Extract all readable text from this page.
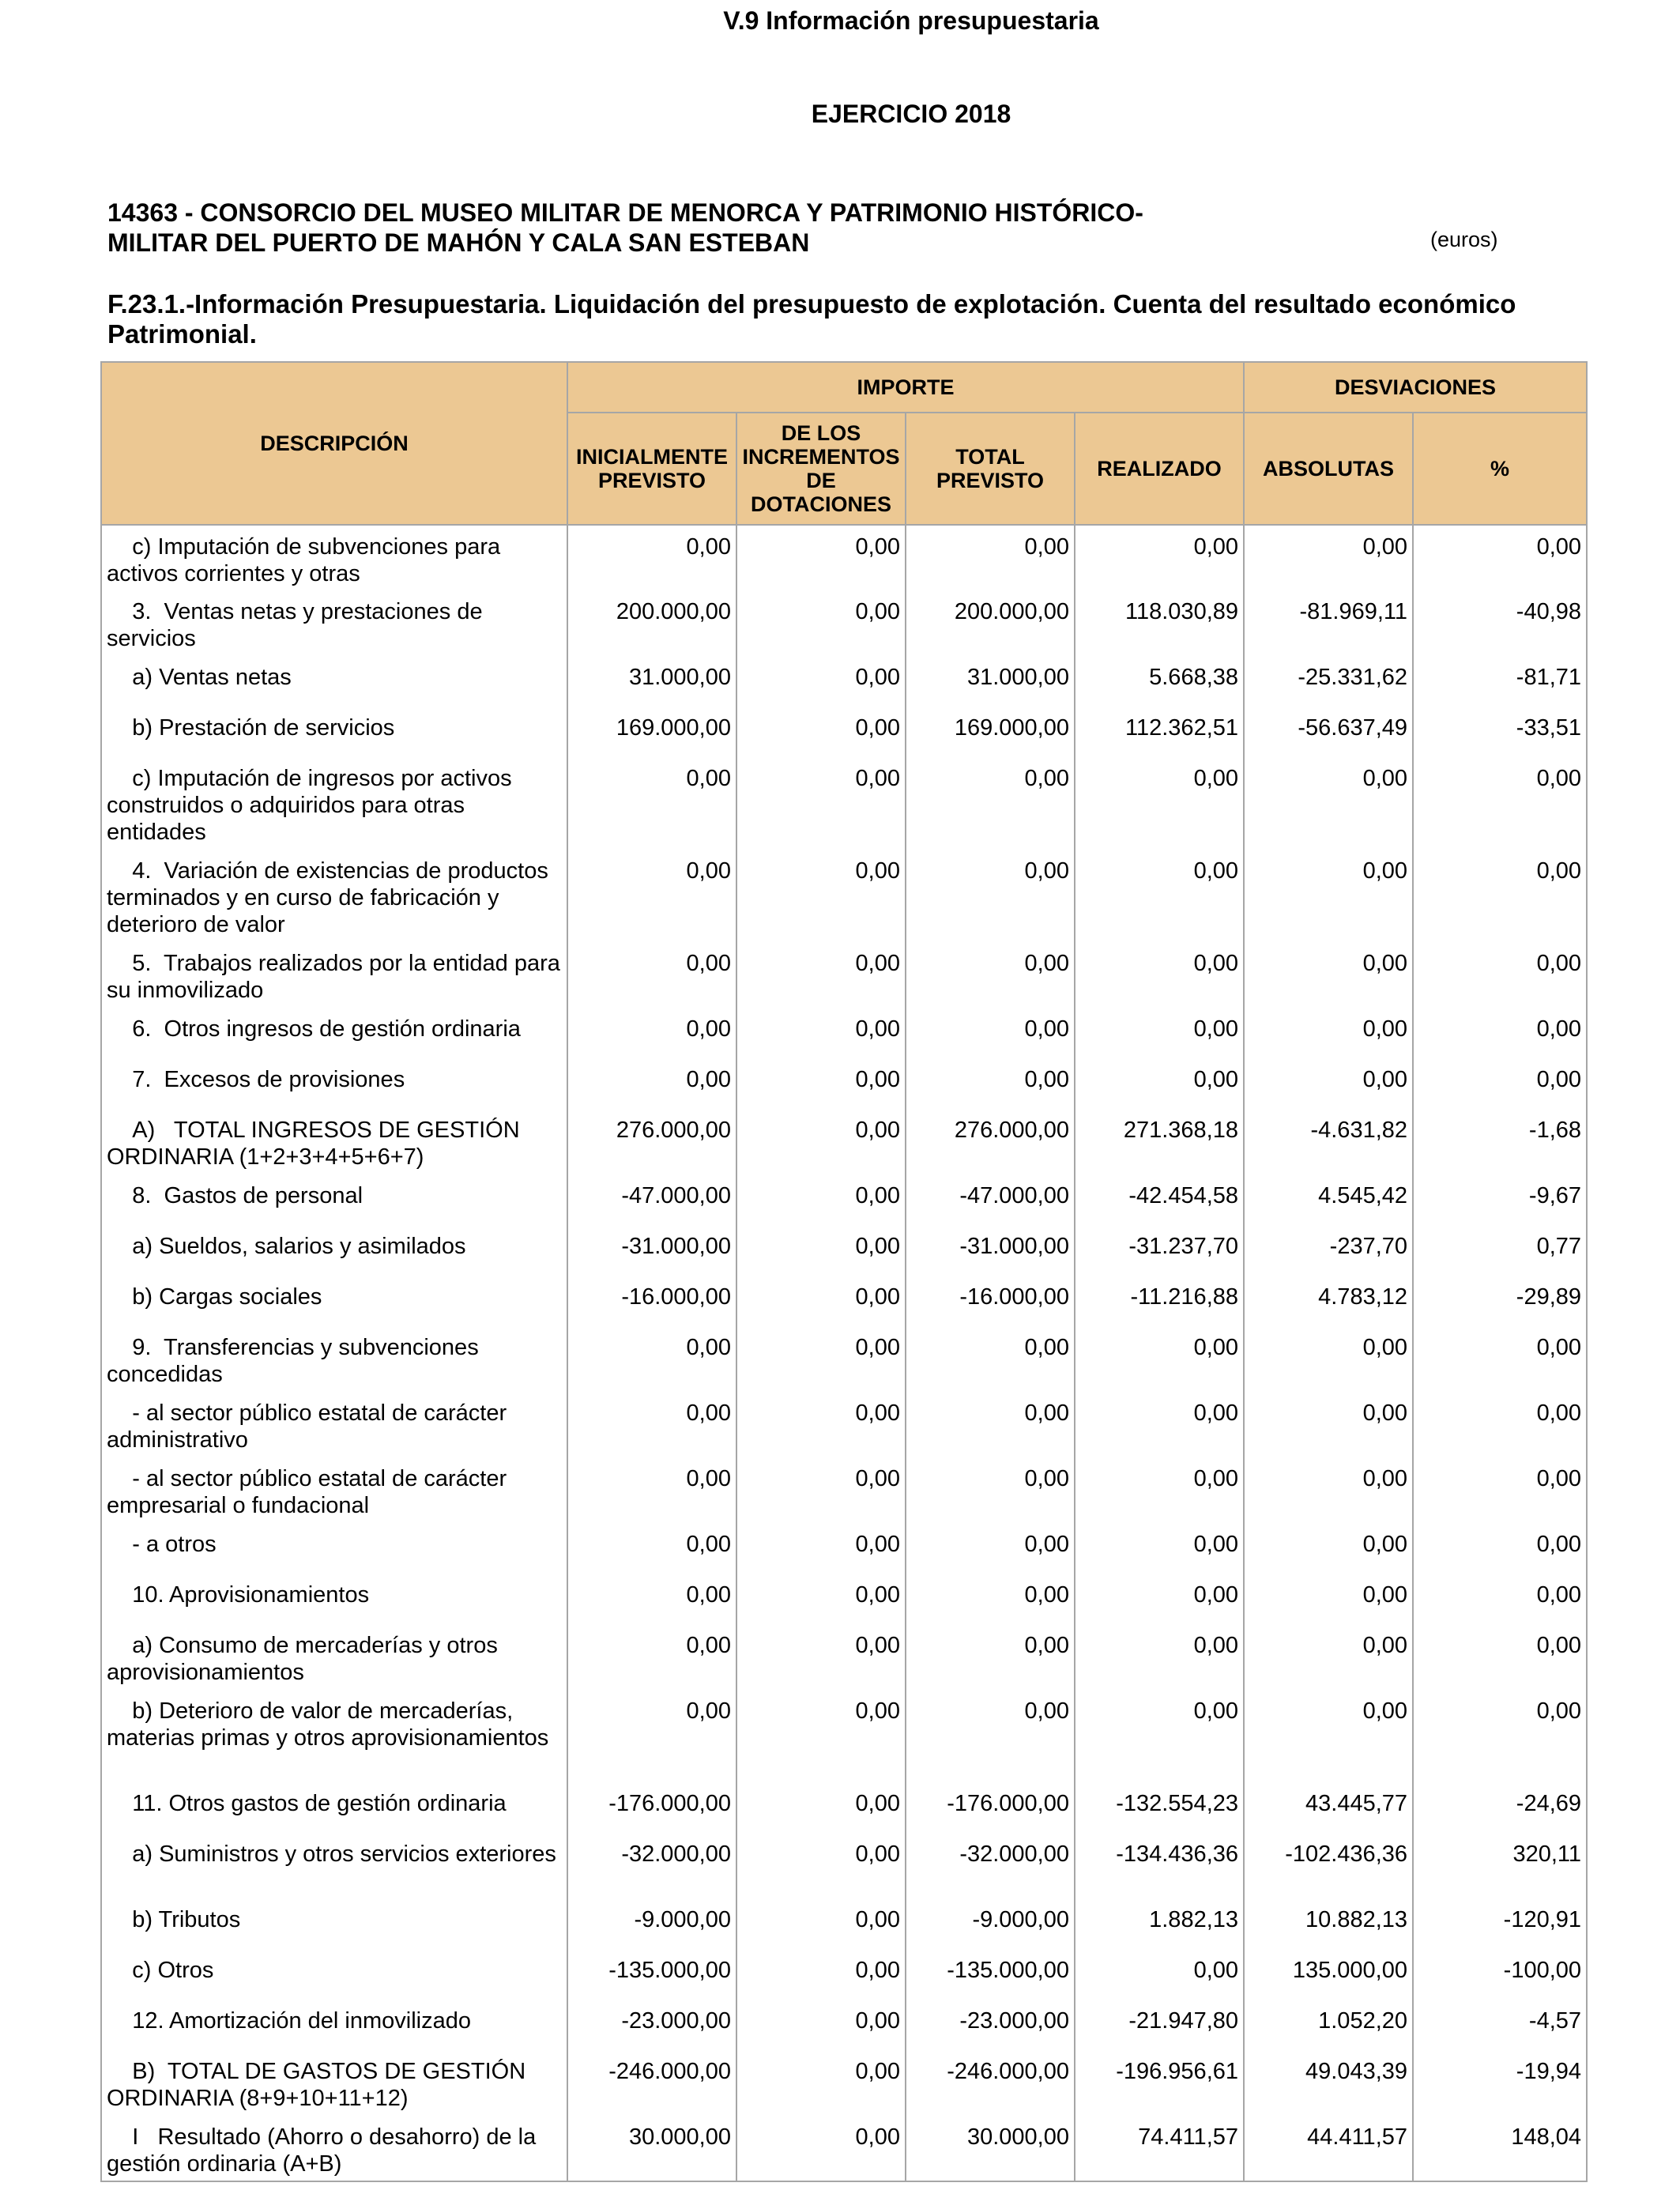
V.9 Información presupuestaria
EJERCICIO 2018
14363 - CONSORCIO DEL MUSEO MILITAR DE MENORCA Y PATRIMONIO HISTÓRICO-
MILITAR DEL PUERTO DE MAHÓN Y CALA SAN ESTEBAN	(euros)
F.23.1.-Información Presupuestaria. Liquidación del presupuesto de explotación. Cuenta del resultado económico Patrimonial.
DESCRIPCIÓN	IMPORTE				DESVIACIONES	
	INICIALMENTE PREVISTO	DE LOS INCREMENTOS DE DOTACIONES	TOTAL PREVISTO	REALIZADO	ABSOLUTAS	%
c) Imputación de subvenciones para activos corrientes y otras	0,00	0,00	0,00	0,00	0,00	0,00
3.  Ventas netas y prestaciones de servicios	200.000,00	0,00	200.000,00	118.030,89	-81.969,11	-40,98
a) Ventas netas	31.000,00	0,00	31.000,00	5.668,38	-25.331,62	-81,71
b) Prestación de servicios	169.000,00	0,00	169.000,00	112.362,51	-56.637,49	-33,51
c) Imputación de ingresos por activos construidos o adquiridos para otras entidades	0,00	0,00	0,00	0,00	0,00	0,00
4.  Variación de existencias de productos terminados y en curso de fabricación y deterioro de valor	0,00	0,00	0,00	0,00	0,00	0,00
5.  Trabajos realizados por la entidad para su inmovilizado	0,00	0,00	0,00	0,00	0,00	0,00
6.  Otros ingresos de gestión ordinaria	0,00	0,00	0,00	0,00	0,00	0,00
7.  Excesos de provisiones	0,00	0,00	0,00	0,00	0,00	0,00
A)   TOTAL INGRESOS DE GESTIÓN ORDINARIA (1+2+3+4+5+6+7)	276.000,00	0,00	276.000,00	271.368,18	-4.631,82	-1,68
8.  Gastos de personal	-47.000,00	0,00	-47.000,00	-42.454,58	4.545,42	-9,67
a) Sueldos, salarios y asimilados	-31.000,00	0,00	-31.000,00	-31.237,70	-237,70	0,77
b) Cargas sociales	-16.000,00	0,00	-16.000,00	-11.216,88	4.783,12	-29,89
9.  Transferencias y subvenciones concedidas	0,00	0,00	0,00	0,00	0,00	0,00
- al sector público estatal de carácter administrativo	0,00	0,00	0,00	0,00	0,00	0,00
- al sector público estatal de carácter empresarial o fundacional	0,00	0,00	0,00	0,00	0,00	0,00
- a otros	0,00	0,00	0,00	0,00	0,00	0,00
10. Aprovisionamientos	0,00	0,00	0,00	0,00	0,00	0,00
a) Consumo de mercaderías y otros aprovisionamientos	0,00	0,00	0,00	0,00	0,00	0,00
b) Deterioro de valor de mercaderías, materias primas y otros aprovisionamientos	0,00	0,00	0,00	0,00	0,00	0,00
11. Otros gastos de gestión ordinaria	-176.000,00	0,00	-176.000,00	-132.554,23	43.445,77	-24,69
a) Suministros y otros servicios exteriores	-32.000,00	0,00	-32.000,00	-134.436,36	-102.436,36	320,11
b) Tributos	-9.000,00	0,00	-9.000,00	1.882,13	10.882,13	-120,91
c) Otros	-135.000,00	0,00	-135.000,00	0,00	135.000,00	-100,00
12. Amortización del inmovilizado	-23.000,00	0,00	-23.000,00	-21.947,80	1.052,20	-4,57
B)  TOTAL DE GASTOS DE GESTIÓN ORDINARIA (8+9+10+11+12)	-246.000,00	0,00	-246.000,00	-196.956,61	49.043,39	-19,94
I   Resultado (Ahorro o desahorro) de la gestión ordinaria (A+B)	30.000,00	0,00	30.000,00	74.411,57	44.411,57	148,04
